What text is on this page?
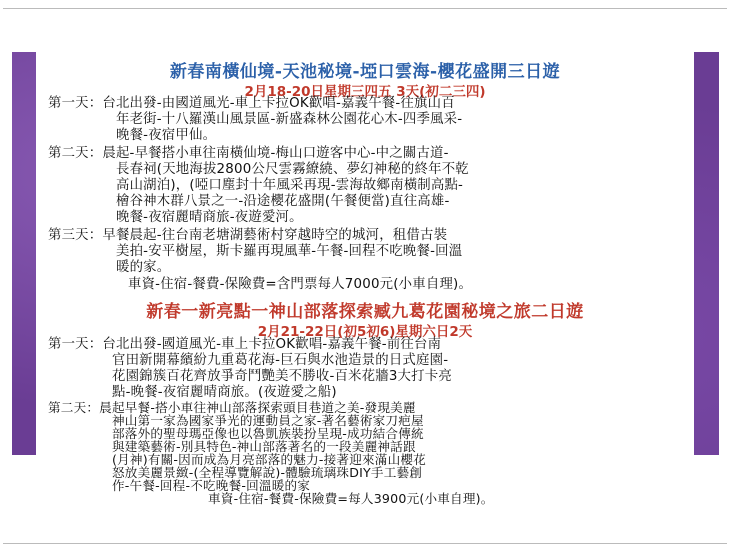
新春南橫仙境-天池秘境-埡口雲海-櫻花盛開三日遊
2月18-20日星期三四五 3天(初二三四)
第一天：台北出發-由國道風光-車上卡拉OK歡唱-嘉義午餐-往旗山百
年老街-十八羅漢山風景區-新盛森林公園花心木-四季風采-
晚餐-夜宿甲仙。
第二天：晨起-早餐搭小車往南橫仙境-梅山口遊客中心-中之關古道-
長春祠(天地海拔2800公尺雲霧繚繞、夢幻神秘的終年不乾
高山湖泊)，(啞口塵封十年風采再現-雲海故鄉南橫制高點-
檜谷神木群八景之一-沿途櫻花盛開(午餐便當)直往高雄-
晚餐-夜宿麗晴商旅-夜遊愛河。
第三天：早餐晨起-往台南老塘湖藝術村穿越時空的城河，租借古裝
美拍-安平樹屋，斯卡羅再現風華-午餐-回程不吃晚餐-回溫
暖的家。
車資-住宿-餐費-保險費=含門票每人7000元(小車自理)。
新春一新亮點一神山部落探索臧九葛花園秘境之旅二日遊
2月21-22日(初5初6)星期六日2天
第一天：台北出發-國道風光-車上卡拉OK歡唱-嘉義午餐-前往台南
官田新開幕繽紛九重葛花海-巨石與水池造景的日式庭園-
花園錦簇百花齊放爭奇鬥艷美不勝收-百米花牆3大打卡亮
點-晚餐-夜宿麗晴商旅。(夜遊愛之船)
第二天：晨起早餐-搭小車往神山部落探索頭目巷道之美-發現美麗
神山第一家為國家爭光的運動員之家-著名藝術家刀疤屋
部落外的聖母瑪亞像也以魯凱族裝扮呈現-成功結合傳統
與建築藝術-別具特色-神山部落著名的一段美麗神話跟
(月神)有關-因而成為月亮部落的魅力-接著迎來滿山櫻花
怒放美麗景緻-(全程導覽解說)-體驗琉璃珠DIY手工藝創
作-午餐-回程-不吃晚餐-回溫暖的家
車資-住宿-餐費-保險費=每人3900元(小車自理)。
